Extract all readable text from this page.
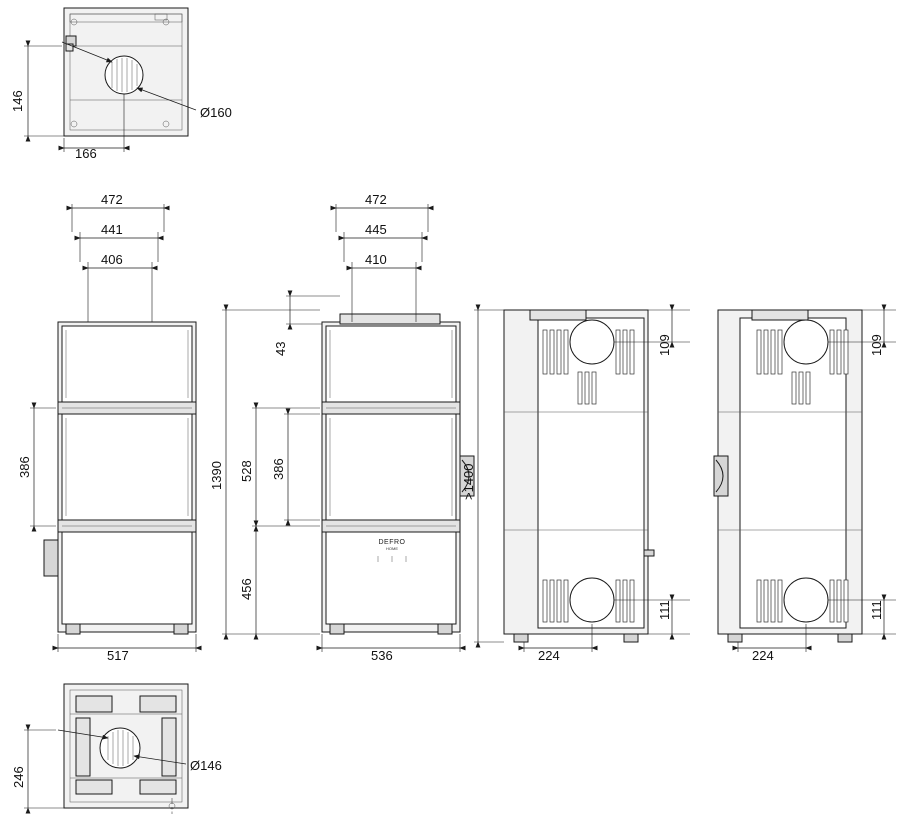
Ø160
146
166
472
441
406
386
517
DEFRO
HOME
472
445
410
43
1390 528 386
456
536
109
>1400
111
224
109
111
224
Ø146
246
